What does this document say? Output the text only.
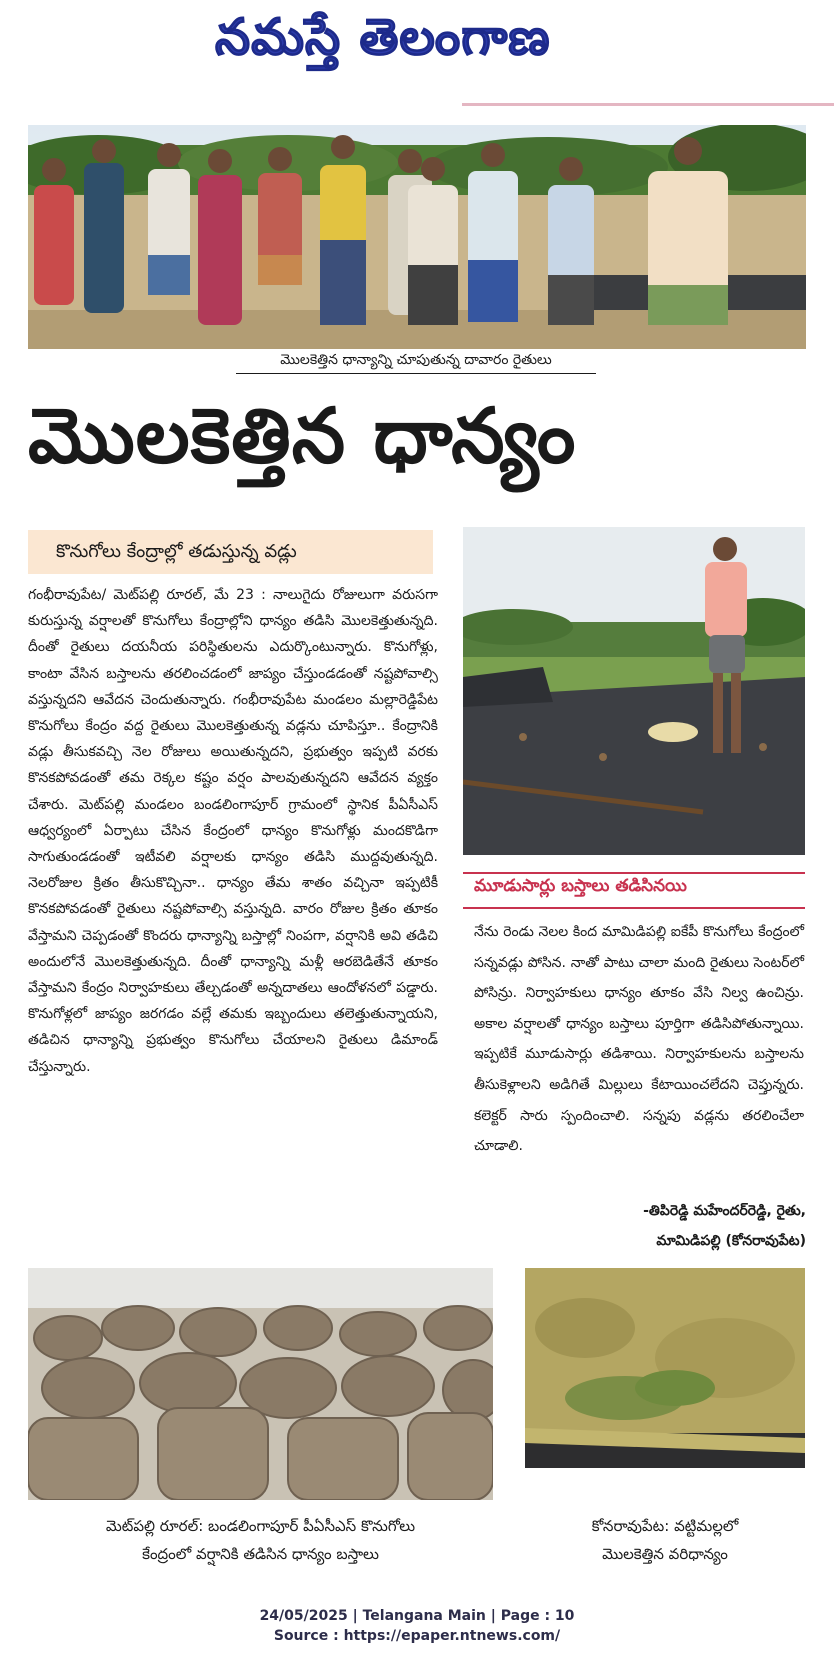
నమస్తే తెలంగాణ
మొలకెత్తిన ధాన్యాన్ని చూపుతున్న దావారం రైతులు
మొలకెత్తిన ధాన్యం
కొనుగోలు కేంద్రాల్లో తడుస్తున్న వడ్లు
గంభీరావుపేట/ మెట్‌పల్లి రూరల్‌, మే 23 : నాలుగైదు రోజులుగా వరుసగా కురుస్తున్న వర్షాలతో కొనుగోలు కేంద్రాల్లోని ధాన్యం తడిసి మొలకెత్తుతున్నది. దీంతో రైతులు దయనీయ పరిస్థితులను ఎదుర్కొంటున్నారు. కొనుగోళ్లు, కాంటా వేసిన బస్తాలను తరలించడంలో జాప్యం చేస్తుండడంతో నష్టపోవాల్సి వస్తున్నదని ఆవేదన చెందుతున్నారు. గంభీరావుపేట మండలం మల్లారెడ్డిపేట కొనుగోలు కేంద్రం వద్ద రైతులు మొలకెత్తుతున్న వడ్లను చూపిస్తూ.. కేంద్రానికి వడ్లు తీసుకవచ్చి నెల రోజులు అయితున్నదని, ప్రభుత్వం ఇప్పటి వరకు కొనకపోవడంతో తమ రెక్కల కష్టం వర్షం పాలవుతున్నదని ఆవేదన వ్యక్తం చేశారు. మెట్‌పల్లి మండలం బండలింగాపూర్‌ గ్రామంలో స్థానిక పీఏసీఎస్‌ ఆధ్వర్యంలో ఏర్పాటు చేసిన కేంద్రంలో ధాన్యం కొనుగోళ్లు మందకొడిగా సాగుతుండడంతో ఇటీవలి వర్షాలకు ధాన్యం తడిసి ముద్దవుతున్నది. నెలరోజుల క్రితం తీసుకొచ్చినా.. ధాన్యం తేమ శాతం వచ్చినా ఇప్పటికీ కొనకపోవడంతో రైతులు నష్టపోవాల్సి వస్తున్నది. వారం రోజుల క్రితం తూకం వేస్తామని చెప్పడంతో కొందరు ధాన్యాన్ని బస్తాల్లో నింపగా, వర్షానికి అవి తడిచి అందులోనే మొలకెత్తుతున్నది. దీంతో ధాన్యాన్ని మళ్లీ ఆరబెడితేనే తూకం వేస్తామని కేంద్రం నిర్వాహకులు తేల్చడంతో అన్నదాతలు ఆందోళనలో పడ్డారు. కొనుగోళ్లలో జాప్యం జరగడం వల్లే తమకు ఇబ్బందులు తలెత్తుతున్నాయని, తడిచిన ధాన్యాన్ని ప్రభుత్వం కొనుగోలు చేయాలని రైతులు డిమాండ్‌ చేస్తున్నారు.
మూడుసార్లు బస్తాలు తడిసినయి
నేను రెండు నెలల కింద మామిడిపల్లి ఐకేపీ కొనుగోలు కేంద్రంలో సన్నవడ్లు పోసిన. నాతో పాటు చాలా మంది రైతులు సెంటర్‌లో పోసిన్రు. నిర్వాహకులు ధాన్యం తూకం వేసి నిల్వ ఉంచిన్రు. అకాల వర్షాలతో ధాన్యం బస్తాలు పూర్తిగా తడిసిపోతున్నాయి. ఇప్పటికే మూడుసార్లు తడిశాయి. నిర్వాహకులను బస్తాలను తీసుకెళ్లాలని అడిగితే మిల్లులు కేటాయించలేదని చెప్తున్నరు. కలెక్టర్‌ సారు స్పందించాలి. సన్నపు వడ్లను తరలించేలా చూడాలి.
-తిపిరెడ్డి మహేందర్‌రెడ్డి, రైతు,
మామిడిపల్లి (కోనరావుపేట)
మెట్‌పల్లి రూరల్‌: బండలింగాపూర్‌ పీఏసీఎస్‌ కొనుగోలు
కేంద్రంలో వర్షానికి తడిసిన ధాన్యం బస్తాలు
కోనరావుపేట: వట్టిమల్లలో
మొలకెత్తిన వరిధాన్యం
24/05/2025 | Telangana Main | Page : 10
Source : https://epaper.ntnews.com/
